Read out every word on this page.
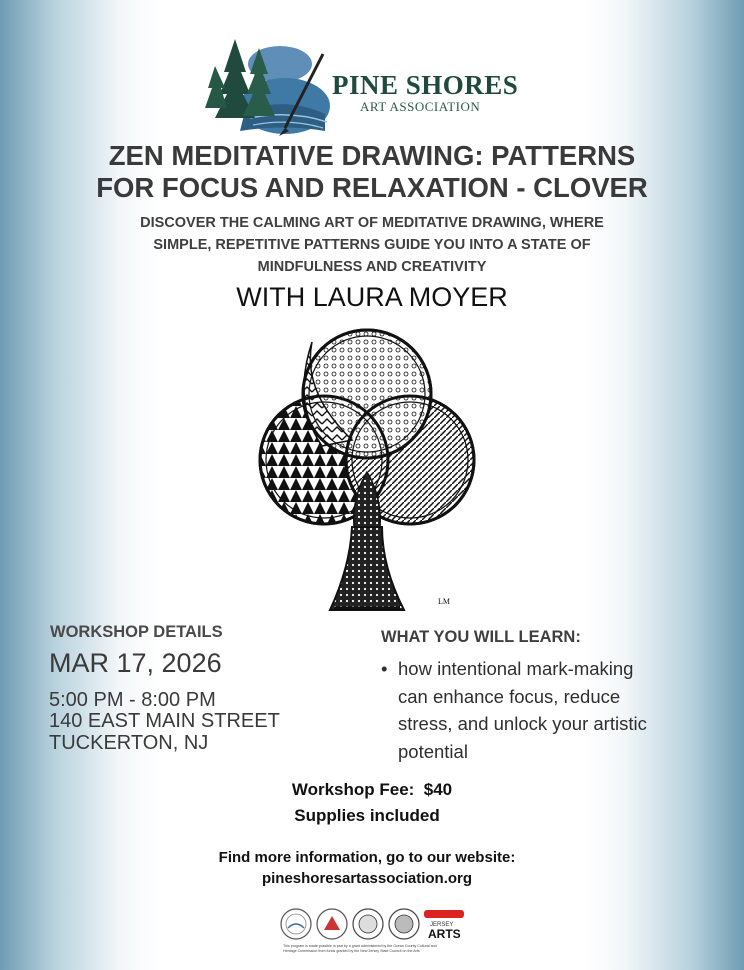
PINE SHORES
ART ASSOCIATION
ZEN MEDITATIVE DRAWING: PATTERNS
FOR FOCUS AND RELAXATION - CLOVER
DISCOVER THE CALMING ART OF MEDITATIVE DRAWING, WHERE
SIMPLE, REPETITIVE PATTERNS GUIDE YOU INTO A STATE OF
MINDFULNESS AND CREATIVITY
WITH LAURA MOYER
LM
WORKSHOP DETAILS
MAR 17, 2026
5:00 PM - 8:00 PM
140 EAST MAIN STREET
TUCKERTON, NJ
WHAT YOU WILL LEARN:
• how intentional mark-making
can enhance focus, reduce
stress, and unlock your artistic
potential
Workshop Fee:  $40
Supplies included
Find more information, go to our website:
pineshoresartassociation.org
JERSEY
ARTS
This program is made possible in part by a grant administered by the Ocean County Cultural and
Heritage Commission from funds granted by the New Jersey State Council on the Arts
